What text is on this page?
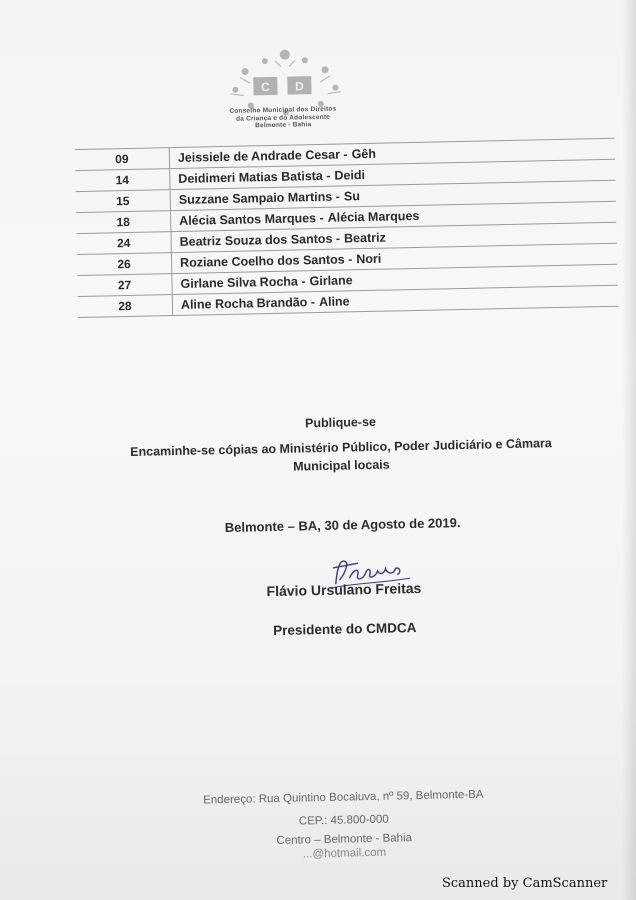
C D
Conselho Municipal dos Direitos
da Criança e do Adolescente
Belmonte - Bahia
09	Jeissiele de Andrade Cesar - Gêh
14	Deidimeri Matias Batista - Deidi
15	Suzzane Sampaio Martins - Su
18	Alécia Santos Marques - Alécia Marques
24	Beatriz Souza dos Santos - Beatriz
26	Roziane Coelho dos Santos - Nori
27	Girlane Silva Rocha - Girlane
28	Aline Rocha Brandão - Aline
Publique-se
Encaminhe-se cópias ao Ministério Público, Poder Judiciário e Câmara
Municipal locais
Belmonte – BA, 30 de Agosto de 2019.
Flávio Ursulano Freitas
Presidente do CMDCA
Endereço: Rua Quintino Bocaiuva, nº 59, Belmonte-BA
CEP.: 45.800-000
Centro – Belmonte - Bahia
...@hotmail.com
Scanned by CamScanner
